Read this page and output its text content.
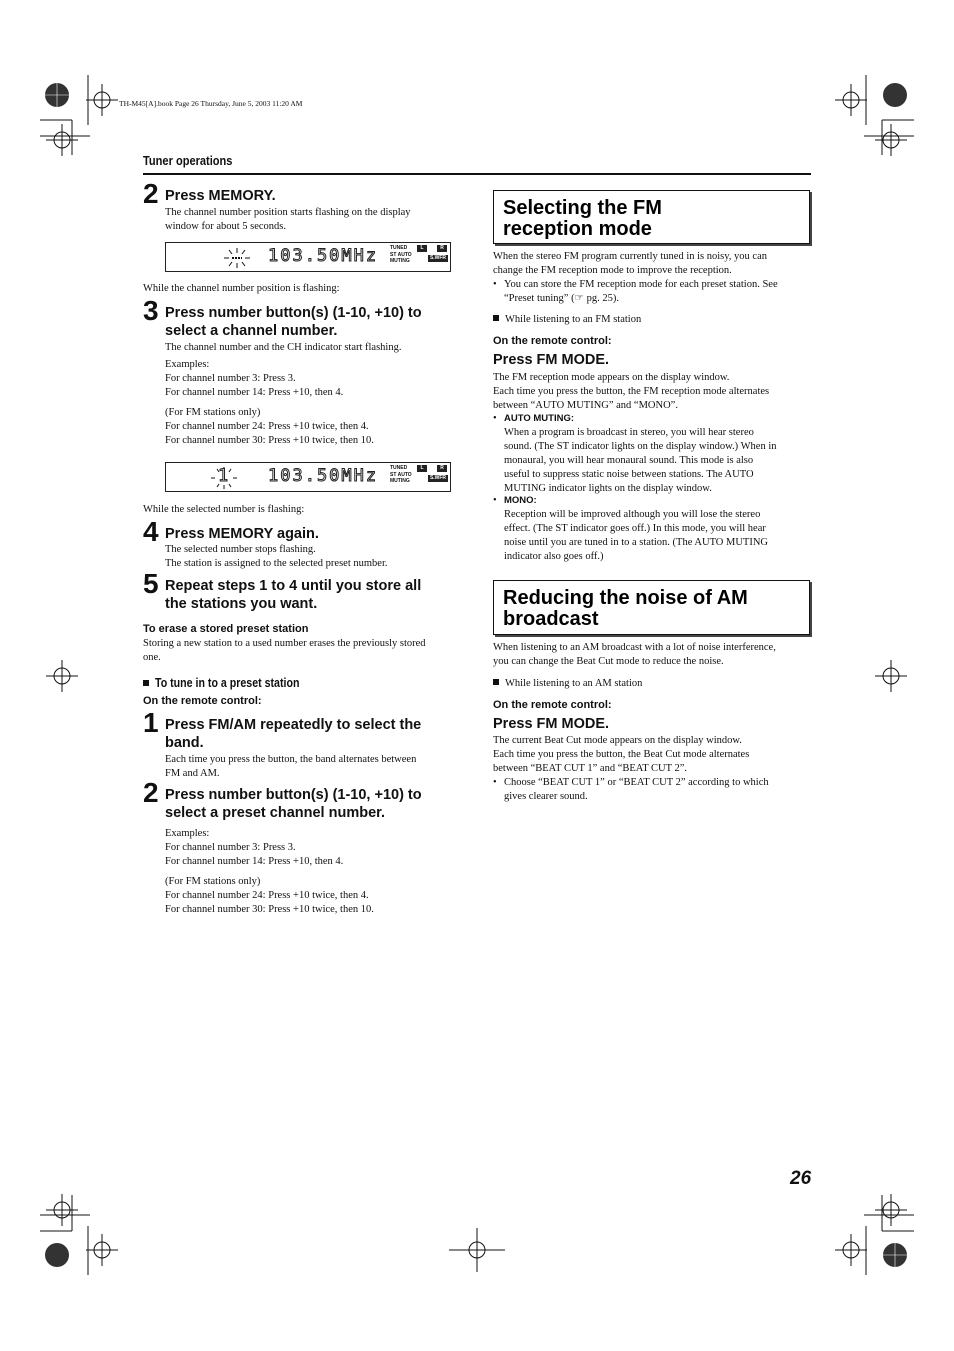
TH-M45[A].book Page 26 Thursday, June 5, 2003 11:20 AM
Tuner operations
2 Press MEMORY.
The channel number position starts flashing on the display
window for about 5 seconds.
103.50MHz TUNED
ST AUTO
MUTING
L	R
S.WFR
While the channel number position is flashing:
3 Press number button(s) (1-10, +10) to
select a channel number.
The channel number and the CH indicator start flashing.
Examples:
For channel number 3: Press 3.
For channel number 14: Press +10, then 4.
(For FM stations only)
For channel number 24: Press +10 twice, then 4.
For channel number 30: Press +10 twice, then 10.
1 103.50MHz TUNED
ST AUTO
MUTING
L	R
S.WFR
While the selected number is flashing:
4 Press MEMORY again.
The selected number stops flashing.
The station is assigned to the selected preset number.
5 Repeat steps 1 to 4 until you store all
the stations you want.
To erase a stored preset station
Storing a new station to a used number erases the previously stored
one.
To tune in to a preset station
On the remote control:
1 Press FM/AM repeatedly to select the
band.
Each time you press the button, the band alternates between
FM and AM.
2 Press number button(s) (1-10, +10) to
select a preset channel number.
Examples:
For channel number 3: Press 3.
For channel number 14: Press +10, then 4.
(For FM stations only)
For channel number 24: Press +10 twice, then 4.
For channel number 30: Press +10 twice, then 10.
Selecting the FM
reception mode
When the stereo FM program currently tuned in is noisy, you can
change the FM reception mode to improve the reception.
• You can store the FM reception mode for each preset station. See
“Preset tuning” (☞ pg. 25).
While listening to an FM station
On the remote control:
Press FM MODE.
The FM reception mode appears on the display window.
Each time you press the button, the FM reception mode alternates
between “AUTO MUTING” and “MONO”.
• AUTO MUTING:
When a program is broadcast in stereo, you will hear stereo
sound. (The ST indicator lights on the display window.) When in
monaural, you will hear monaural sound. This mode is also
useful to suppress static noise between stations. The AUTO
MUTING indicator lights on the display window.
• MONO:
Reception will be improved although you will lose the stereo
effect. (The ST indicator goes off.) In this mode, you will hear
noise until you are tuned in to a station. (The AUTO MUTING
indicator also goes off.)
Reducing the noise of AM
broadcast
When listening to an AM broadcast with a lot of noise interference,
you can change the Beat Cut mode to reduce the noise.
While listening to an AM station
On the remote control:
Press FM MODE.
The current Beat Cut mode appears on the display window.
Each time you press the button, the Beat Cut mode alternates
between “BEAT CUT 1” and “BEAT CUT 2”.
• Choose “BEAT CUT 1” or “BEAT CUT 2” according to which
gives clearer sound.
26
